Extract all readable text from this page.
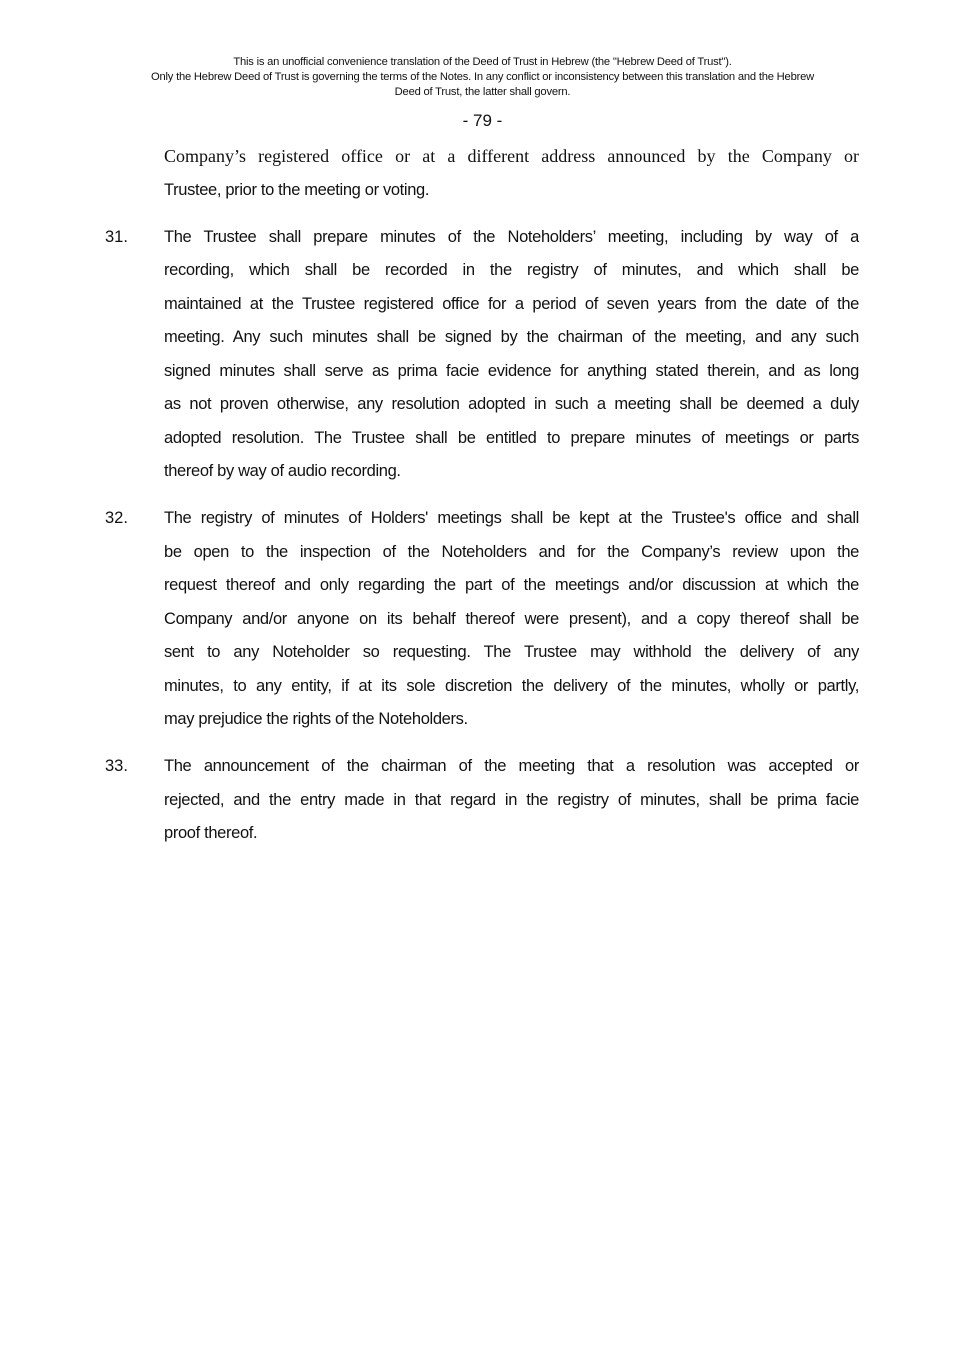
This is an unofficial convenience translation of the Deed of Trust in Hebrew (the "Hebrew Deed of Trust").
Only the Hebrew Deed of Trust is governing the terms of the Notes. In any conflict or inconsistency between this translation and the Hebrew
Deed of Trust, the latter shall govern.
- 79 -
Company’s registered office or at a different address announced by the Company or
Trustee, prior to the meeting or voting.
31. The Trustee shall prepare minutes of the Noteholders’ meeting, including by way of a
recording, which shall be recorded in the registry of minutes, and which shall be
maintained at the Trustee registered office for a period of seven years from the date of the
meeting. Any such minutes shall be signed by the chairman of the meeting, and any such
signed minutes shall serve as prima facie evidence for anything stated therein, and as long
as not proven otherwise, any resolution adopted in such a meeting shall be deemed a duly
adopted resolution. The Trustee shall be entitled to prepare minutes of meetings or parts
thereof by way of audio recording.
32. The registry of minutes of Holders' meetings shall be kept at the Trustee's office and shall
be open to the inspection of the Noteholders and for the Company’s review upon the
request thereof and only regarding the part of the meetings and/or discussion at which the
Company and/or anyone on its behalf thereof were present), and a copy thereof shall be
sent to any Noteholder so requesting. The Trustee may withhold the delivery of any
minutes, to any entity, if at its sole discretion the delivery of the minutes, wholly or partly,
may prejudice the rights of the Noteholders.
33. The announcement of the chairman of the meeting that a resolution was accepted or
rejected, and the entry made in that regard in the registry of minutes, shall be prima facie
proof thereof.
